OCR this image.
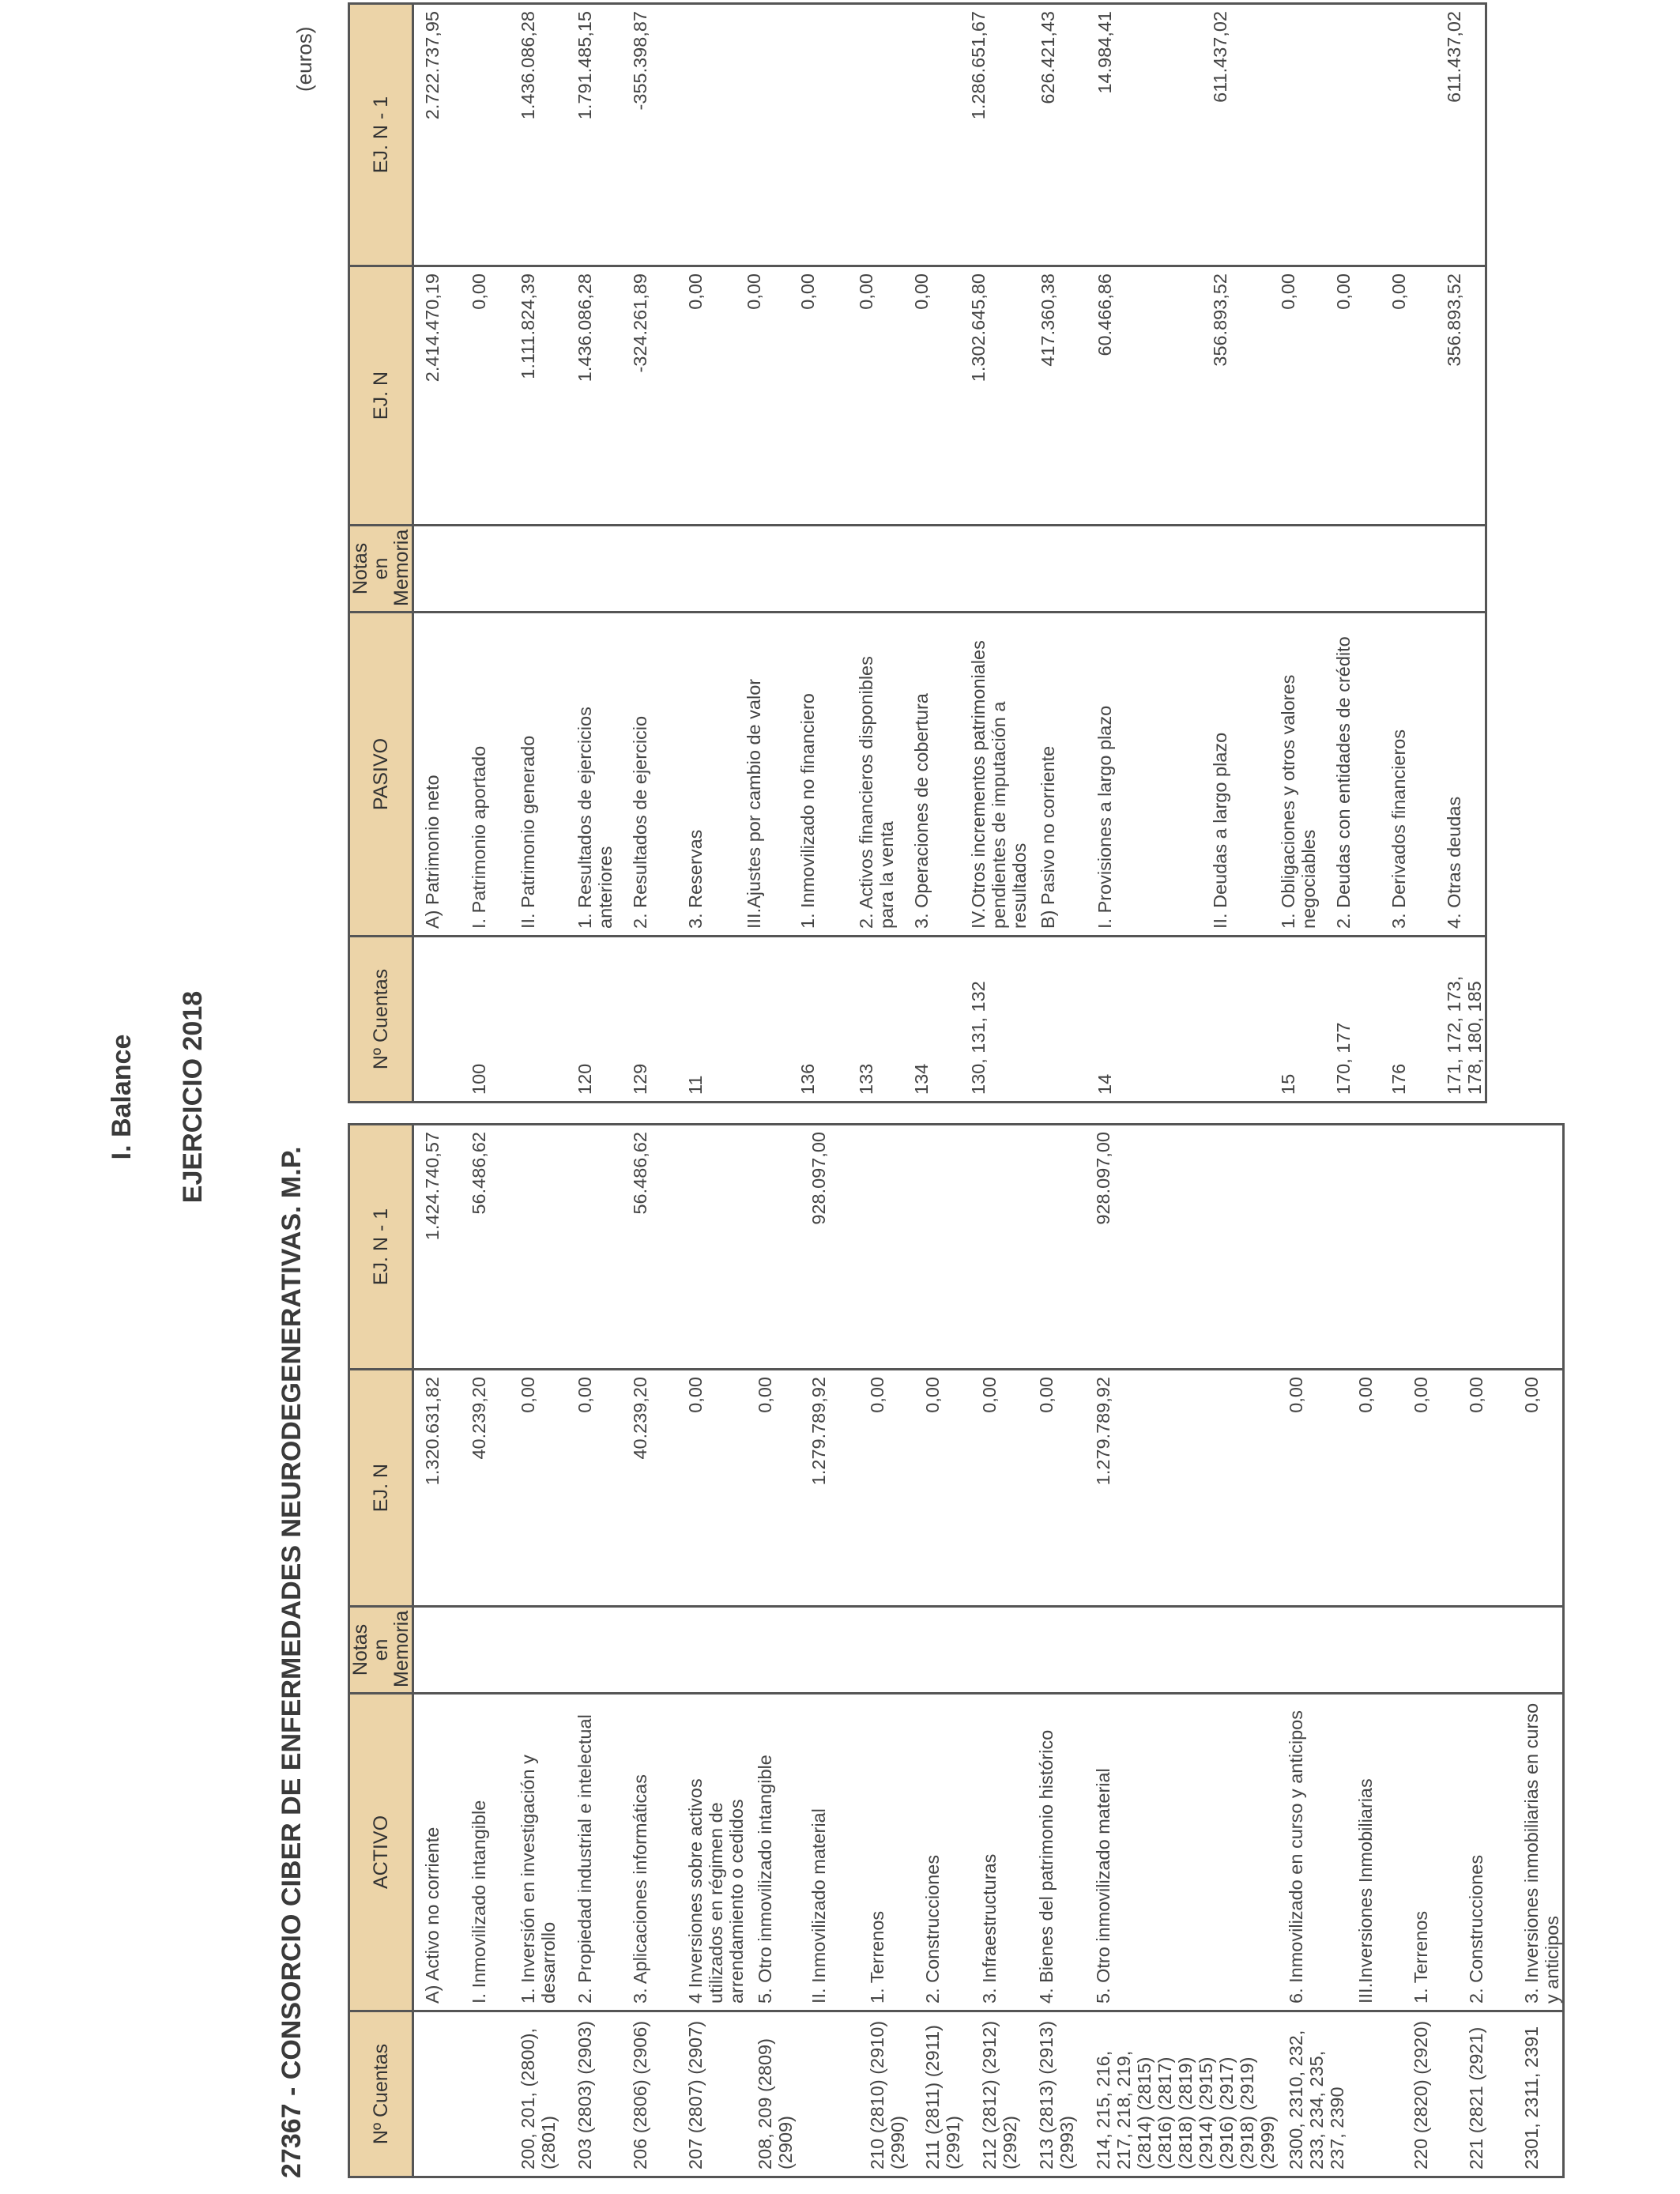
I. Balance EJERCICIO 2018
27367 - CONSORCIO CIBER DE ENFERMEDADES NEURODEGENERATIVAS. M.P.
(euros)
Nº Cuentas	ACTIVO	Notas en Memoria	EJ. N	EJ. N - 1
	A) Activo no corriente		1.320.631,82	1.424.740,57
	I. Inmovilizado intangible		40.239,20	56.486,62
200, 201, (2800), (2801)	1. Inversión en investigación y desarrollo		0,00	
203 (2803) (2903)	2. Propiedad industrial e intelectual		0,00	
206 (2806) (2906)	3. Aplicaciones informáticas		40.239,20	56.486,62
207 (2807) (2907)	4 Inversiones sobre activos utilizados en régimen de arrendamiento o cedidos		0,00	
208, 209 (2809) (2909)	5. Otro inmovilizado intangible		0,00	
	II. Inmovilizado material		1.279.789,92	928.097,00
210 (2810) (2910) (2990)	1. Terrenos		0,00	
211 (2811) (2911) (2991)	2. Construcciones		0,00	
212 (2812) (2912) (2992)	3. Infraestructuras		0,00	
213 (2813) (2913) (2993)	4. Bienes del patrimonio histórico		0,00	
214, 215, 216, 217, 218, 219, (2814) (2815) (2816) (2817) (2818) (2819) (2914) (2915) (2916) (2917) (2918) (2919) (2999)	5. Otro inmovilizado material		1.279.789,92	928.097,00
2300, 2310, 232, 233, 234, 235, 237, 2390	6. Inmovilizado en curso y anticipos		0,00	
	III.Inversiones Inmobiliarias		0,00	
220 (2820) (2920)	1. Terrenos		0,00	
221 (2821 (2921)	2. Construcciones		0,00	
2301, 2311, 2391	3. Inversiones inmobiliarias en curso y anticipos		0,00	
Nº Cuentas	PASIVO	Notas en Memoria	EJ. N	EJ. N - 1
	A) Patrimonio neto		2.414.470,19	2.722.737,95
100	I. Patrimonio aportado		0,00	
	II. Patrimonio generado		1.111.824,39	1.436.086,28
120	1. Resultados de ejercicios anteriores		1.436.086,28	1.791.485,15
129	2. Resultados de ejercicio		-324.261,89	-355.398,87
11	3. Reservas		0,00	
	III.Ajustes por cambio de valor		0,00	
136	1. Inmovilizado no financiero		0,00	
133	2. Activos financieros disponibles para la venta		0,00	
134	3. Operaciones de cobertura		0,00	
130, 131, 132	IV.Otros incrementos patrimoniales pendientes de imputación a resultados		1.302.645,80	1.286.651,67
	B) Pasivo no corriente		417.360,38	626.421,43
14	I. Provisiones a largo plazo		60.466,86	14.984,41
	II. Deudas a largo plazo		356.893,52	611.437,02
15	1. Obligaciones y otros valores negociables		0,00	
170, 177	2. Deudas con entidades de crédito		0,00	
176	3. Derivados financieros		0,00	
171, 172, 173, 178, 180, 185	4. Otras deudas		356.893,52	611.437,02
